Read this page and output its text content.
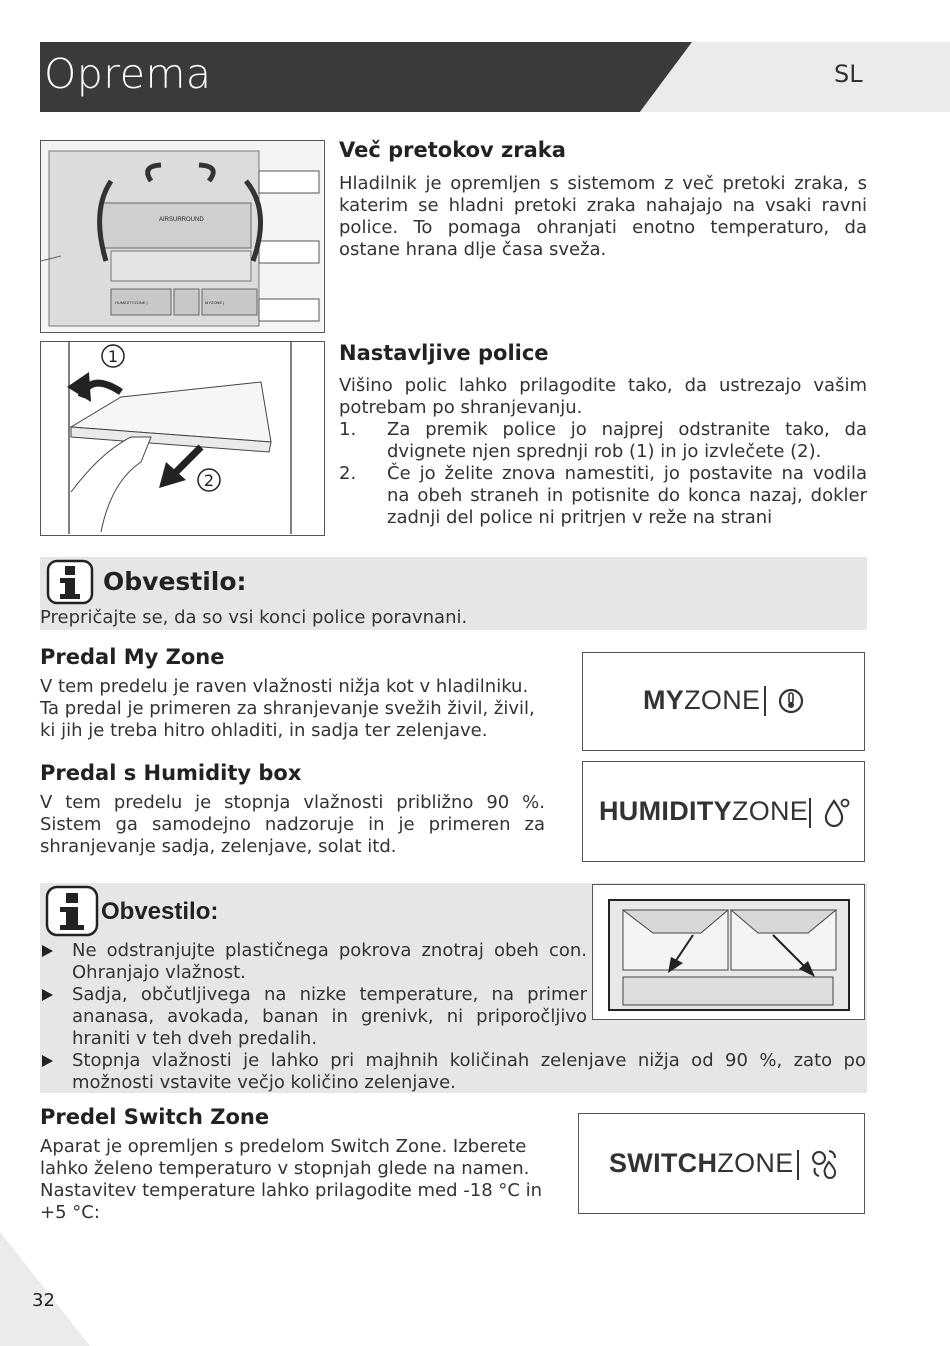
Oprema	SL
AIRSURROUND
HUMIDITYZONE |	MYZONE |
Več pretokov zraka
Hladilnik je opremljen s sistemom z več pretoki zraka, s katerim se hladni pretoki zraka nahajajo na vsaki ravni police. To pomaga ohranjati enotno temperaturo, da ostane hrana dlje časa sveža.
1
2
Nastavljive police
Višino polic lahko prilagodite tako, da ustrezajo vašim potrebam po shranjevanju.
1. Za premik police jo najprej odstranite tako, da dvignete njen sprednji rob (1) in jo izvlečete (2).
2. Če jo želite znova namestiti, jo postavite na vodila na obeh straneh in potisnite do konca nazaj, dokler zadnji del police ni pritrjen v reže na strani
Obvestilo:
Prepričajte se, da so vsi konci police poravnani.
Predal My Zone
V tem predelu je raven vlažnosti nižja kot v hladilniku. Ta predal je primeren za shranjevanje svežih živil, živil, ki jih je treba hitro ohladiti, in sadja ter zelenjave.
MYZONE
Predal s Humidity box
V tem predelu je stopnja vlažnosti približno 90 %. Sistem ga samodejno nadzoruje in je primeren za shranjevanje sadja, zelenjave, solat itd.
HUMIDITYZONE
Obvestilo:
Ne odstranjujte plastičnega pokrova znotraj obeh con. Ohranjajo vlažnost.
Sadja, občutljivega na nizke temperature, na primer ananasa, avokada, banan in grenivk, ni priporočljivo hraniti v teh dveh predalih.
Stopnja vlažnosti je lahko pri majhnih količinah zelenjave nižja od 90 %, zato po možnosti vstavite večjo količino zelenjave.
Predel Switch Zone
Aparat je opremljen s predelom Switch Zone. Izberete lahko želeno temperaturo v stopnjah glede na namen. Nastavitev temperature lahko prilagodite med -18 °C in +5 °C:
SWITCHZONE
32
